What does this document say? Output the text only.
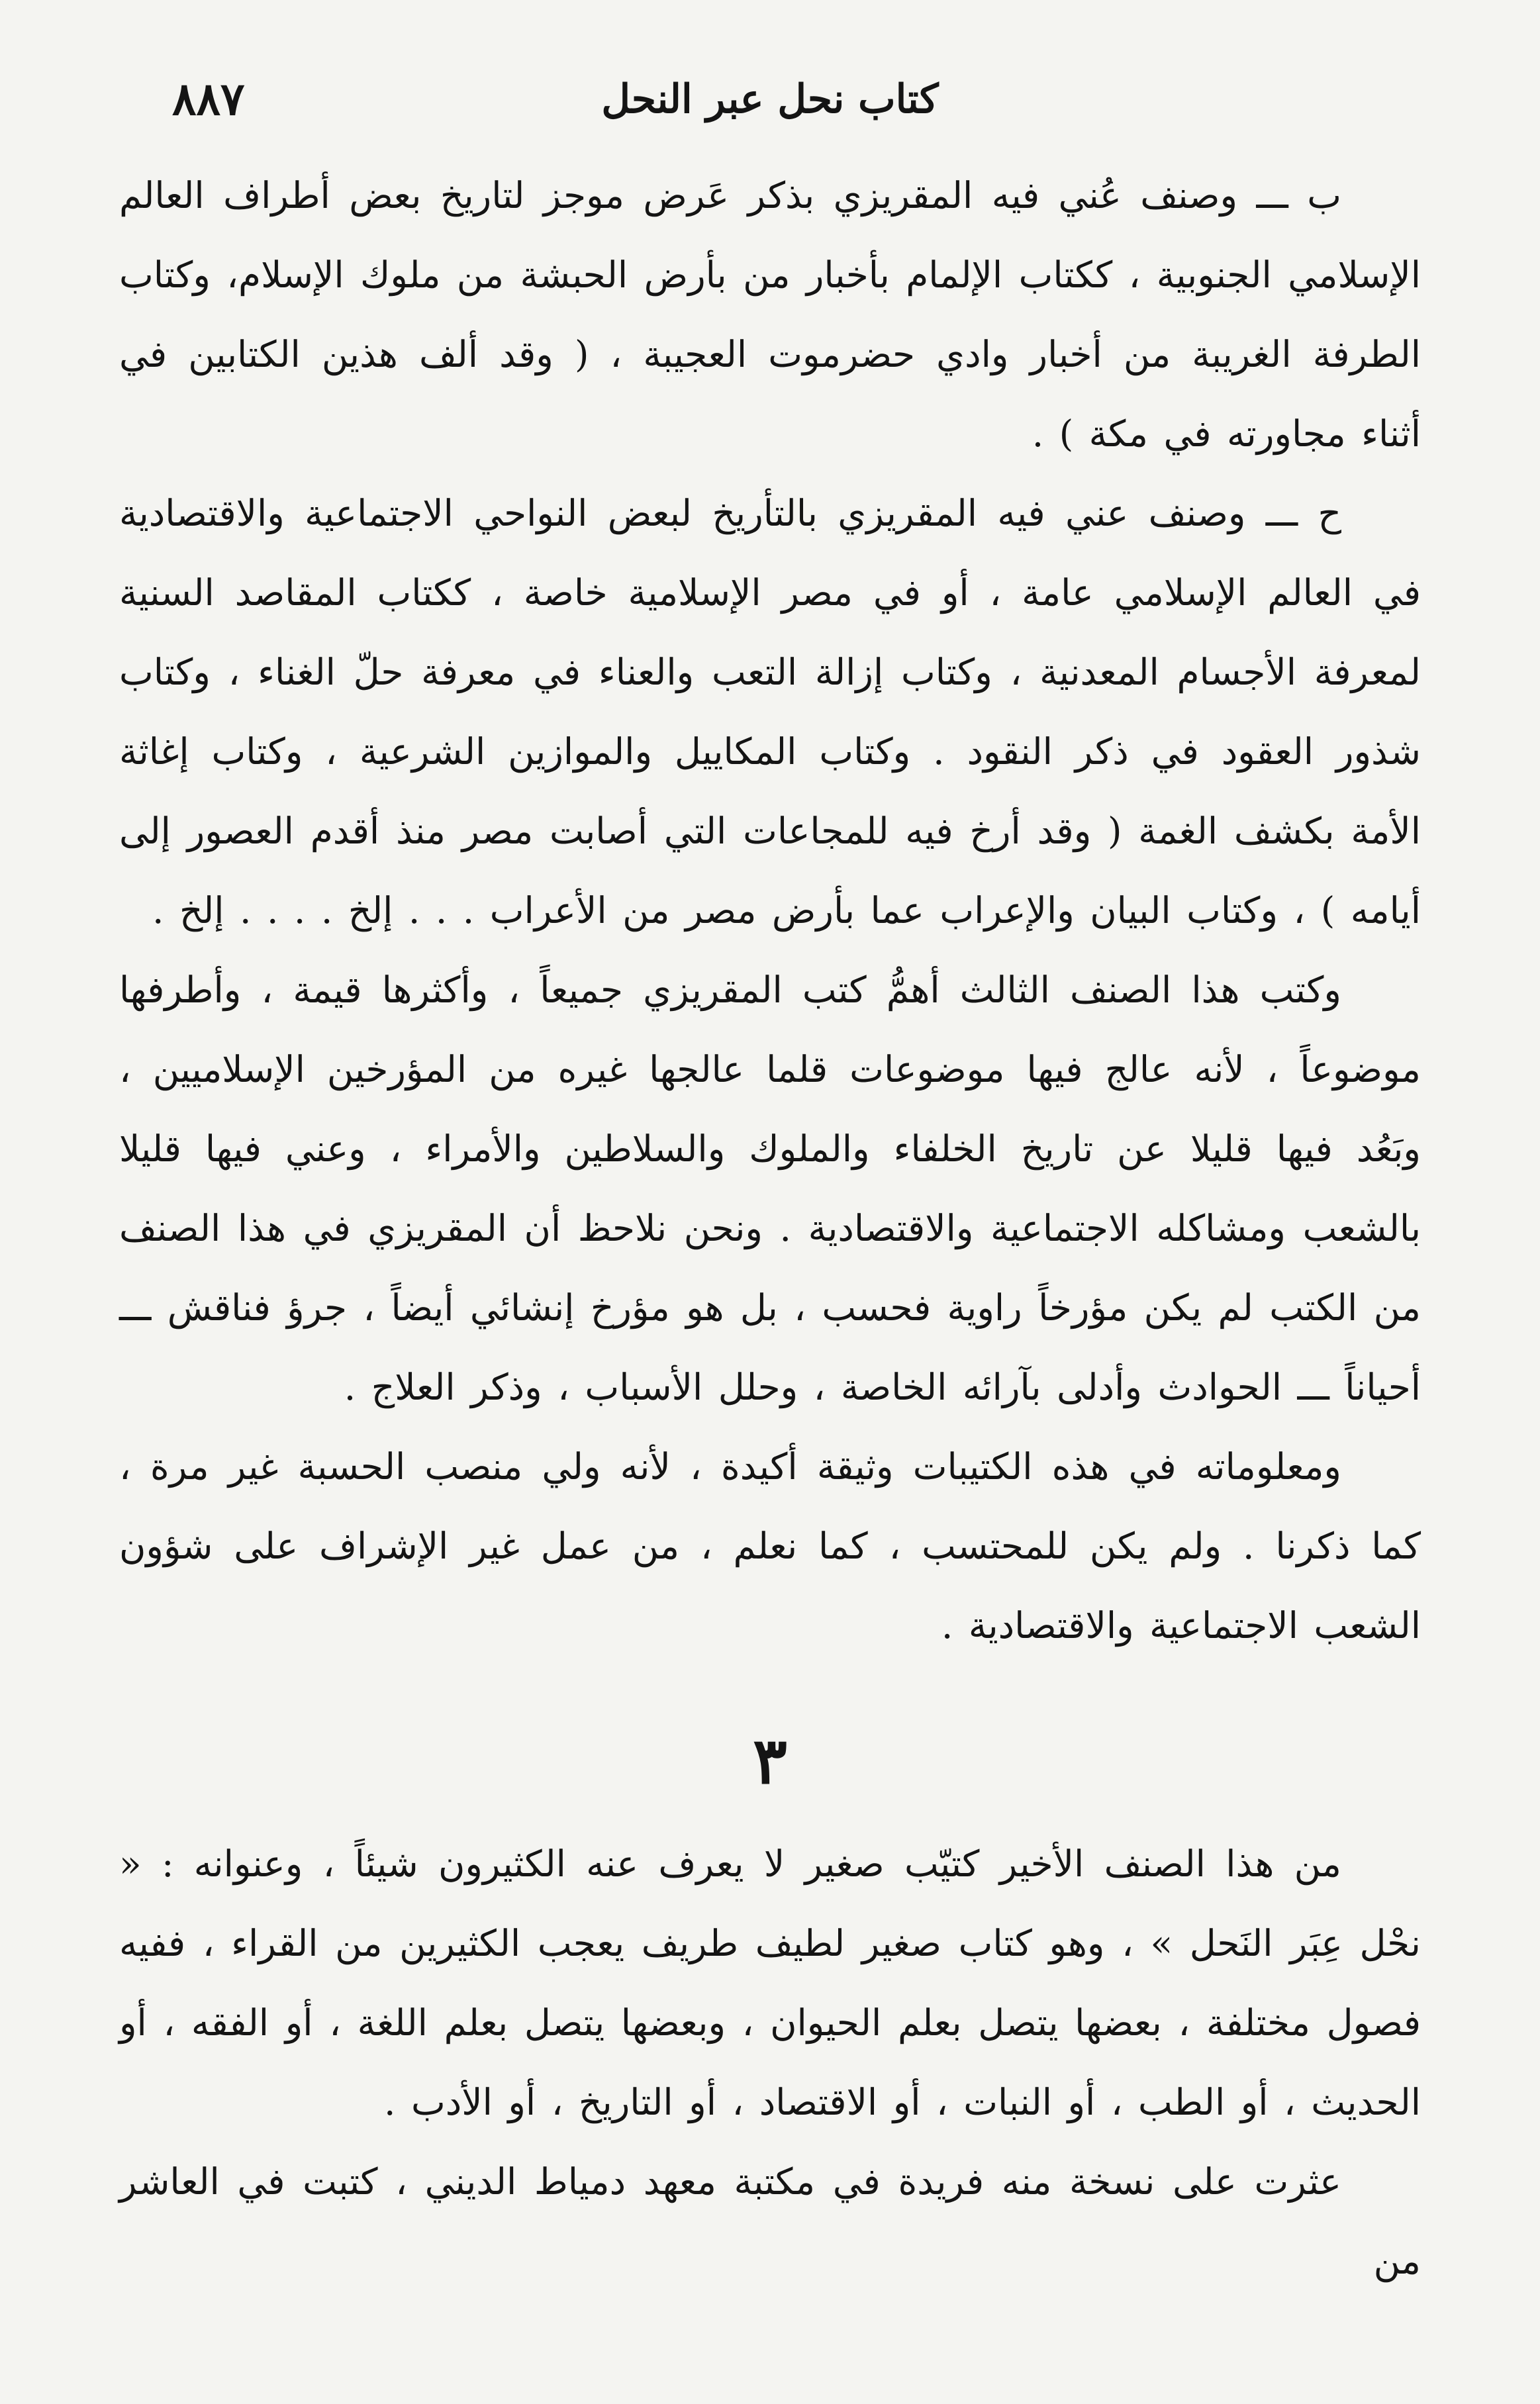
٨٨٧	كتاب نحل عبر النحل

ب ـــ وصنف عُني فيه المقريزي بذكر عَرض موجز لتاريخ بعض أطراف العالم الإسلامي الجنوبية ، ككتاب الإلمام بأخبار من بأرض الحبشة من ملوك الإسلام، وكتاب الطرفة الغريبة من أخبار وادي حضرموت العجيبة ، ( وقد ألف هذين الكتابين في أثناء مجاورته في مكة ) .

ح ـــ وصنف عني فيه المقريزي بالتأريخ لبعض النواحي الاجتماعية والاقتصادية في العالم الإسلامي عامة ، أو في مصر الإسلامية خاصة ، ككتاب المقاصد السنية لمعرفة الأجسام المعدنية ، وكتاب إزالة التعب والعناء في معرفة حلّ الغناء ، وكتاب شذور العقود في ذكر النقود . وكتاب المكاييل والموازين الشرعية ، وكتاب إغاثة الأمة بكشف الغمة ( وقد أرخ فيه للمجاعات التي أصابت مصر منذ أقدم العصور إلى أيامه ) ، وكتاب البيان والإعراب عما بأرض مصر من الأعراب . . . إلخ . . . . إلخ .

وكتب هذا الصنف الثالث أهمُّ كتب المقريزي جميعاً ، وأكثرها قيمة ، وأطرفها موضوعاً ، لأنه عالج فيها موضوعات قلما عالجها غيره من المؤرخين الإسلاميين ، وبَعُد فيها قليلا عن تاريخ الخلفاء والملوك والسلاطين والأمراء ، وعني فيها قليلا بالشعب ومشاكله الاجتماعية والاقتصادية . ونحن نلاحظ أن المقريزي في هذا الصنف من الكتب لم يكن مؤرخاً راوية فحسب ، بل هو مؤرخ إنشائي أيضاً ، جرؤ فناقش ـــ أحياناً ـــ الحوادث وأدلى بآرائه الخاصة ، وحلل الأسباب ، وذكر العلاج .

ومعلوماته في هذه الكتيبات وثيقة أكيدة ، لأنه ولي منصب الحسبة غير مرة ، كما ذكرنا . ولم يكن للمحتسب ، كما نعلم ، من عمل غير الإشراف على شؤون الشعب الاجتماعية والاقتصادية .

٣

من هذا الصنف الأخير كتيّب صغير لا يعرف عنه الكثيرون شيئاً ، وعنوانه : « نحْل عِبَر النَحل » ، وهو كتاب صغير لطيف طريف يعجب الكثيرين من القراء ، ففيه فصول مختلفة ، بعضها يتصل بعلم الحيوان ، وبعضها يتصل بعلم اللغة ، أو الفقه ، أو الحديث ، أو الطب ، أو النبات ، أو الاقتصاد ، أو التاريخ ، أو الأدب .

عثرت على نسخة منه فريدة في مكتبة معهد دمياط الديني ، كتبت في العاشر من
